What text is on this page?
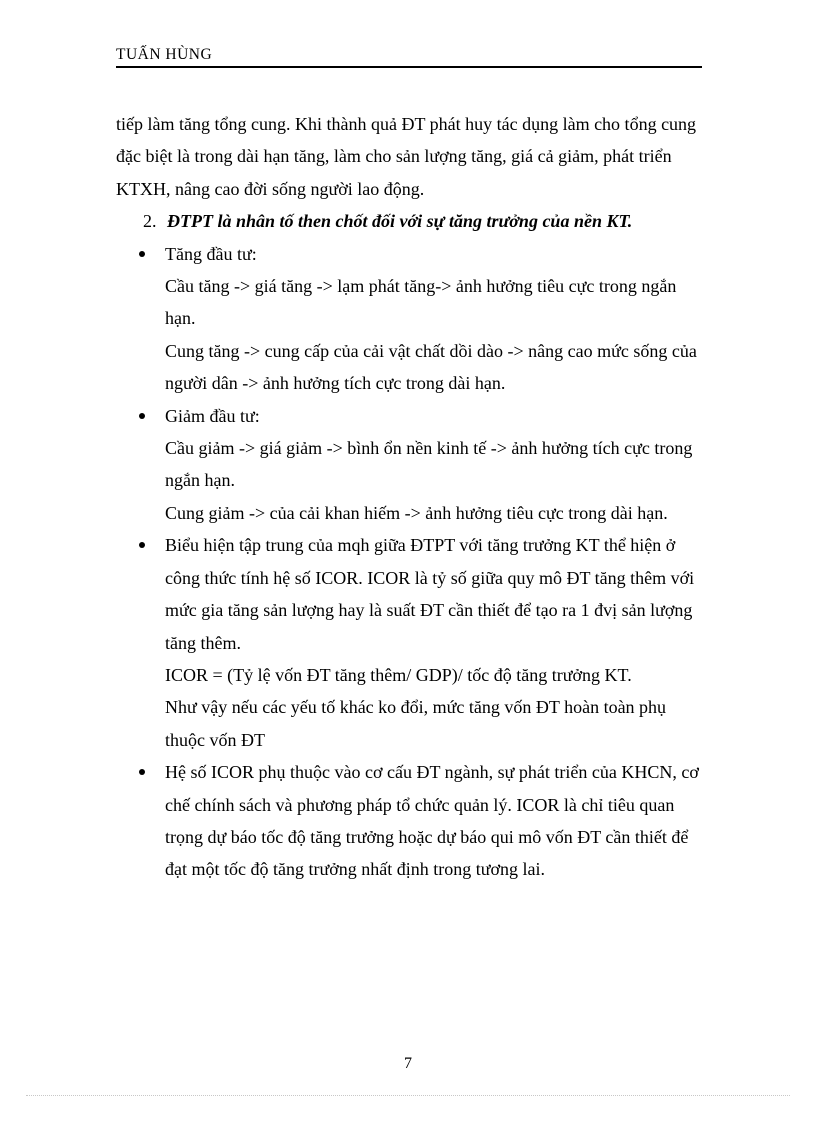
TUẤN HÙNG

tiếp làm tăng tổng cung. Khi thành quả ĐT phát huy tác dụng làm cho tổng cung đặc biệt là trong dài hạn tăng, làm cho sản lượng tăng, giá cả giảm, phát triển KTXH, nâng cao đời sống người lao động.

2. ĐTPT là nhân tố then chốt đối với sự tăng trưởng của nền KT.
Tăng đầu tư:

Cầu tăng -> giá tăng -> lạm phát tăng-> ảnh hưởng tiêu cực trong ngắn hạn.

Cung tăng -> cung cấp của cải vật chất dồi dào -> nâng cao mức sống của người dân -> ảnh hưởng tích cực trong dài hạn.

Giảm đầu tư:

Cầu giảm -> giá giảm -> bình ổn nền kinh tế -> ảnh hưởng tích cực trong ngắn hạn.

Cung giảm -> của cải khan hiếm -> ảnh hưởng tiêu cực trong dài hạn.

Biểu hiện tập trung của mqh giữa ĐTPT với tăng trưởng KT thể hiện ở công thức tính hệ số ICOR. ICOR là tỷ số giữa quy mô ĐT tăng thêm với mức gia tăng sản lượng hay là suất ĐT cần thiết để tạo ra 1 đvị sản lượng tăng thêm.

ICOR = (Tỷ lệ vốn ĐT tăng thêm/ GDP)/ tốc độ tăng trưởng KT.

Như vậy nếu các yếu tố khác ko đổi, mức tăng vốn ĐT hoàn toàn phụ thuộc vốn ĐT

Hệ số ICOR phụ thuộc vào cơ cấu ĐT ngành, sự phát triển của KHCN, cơ chế chính sách và phương pháp tổ chức quản lý. ICOR là chỉ tiêu quan trọng dự báo tốc độ tăng trưởng hoặc dự báo qui mô vốn ĐT cần thiết để đạt một tốc độ tăng trưởng nhất định trong tương lai.
7
